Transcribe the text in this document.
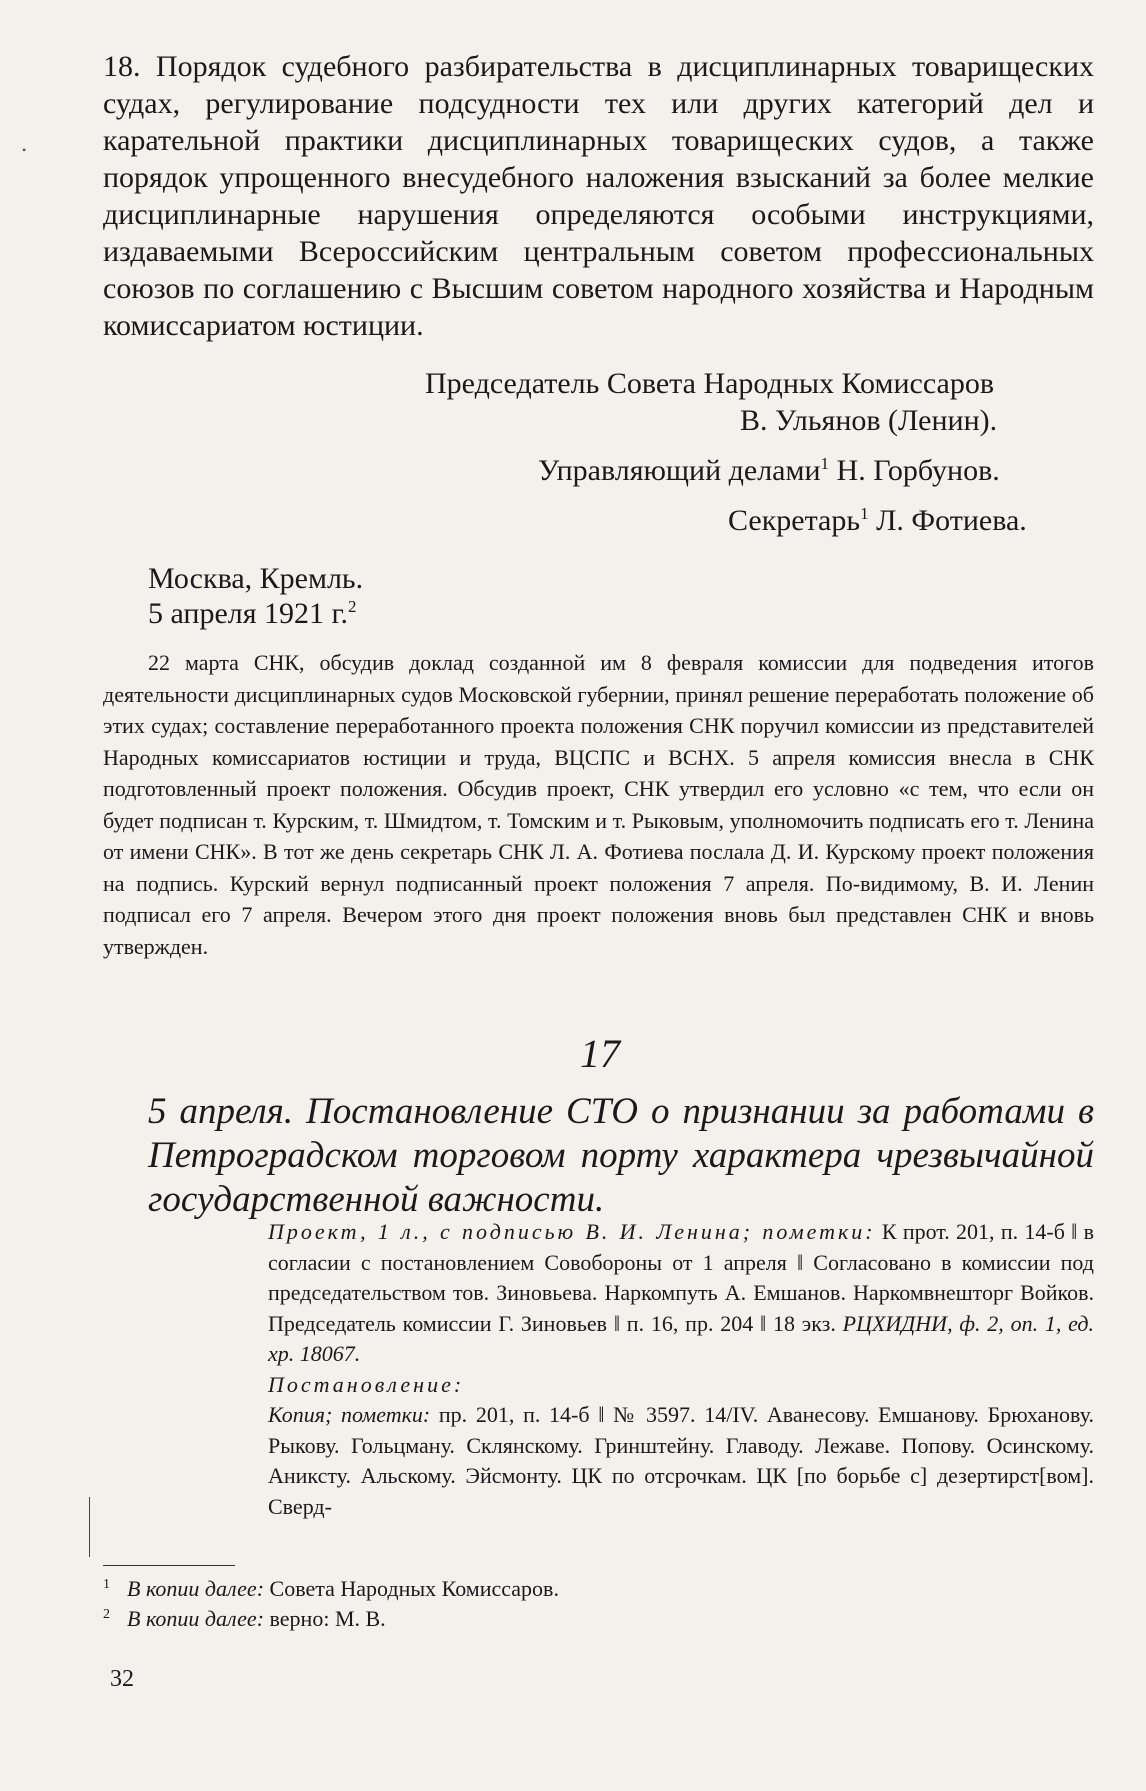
•

18. Порядок судебного разбирательства в дисциплинарных товарищеских судах, регулирование подсудности тех или других категорий дел и карательной практики дисциплинарных товарищеских судов, а также порядок упрощенного внесудебного наложения взысканий за более мелкие дисциплинарные нарушения определяются особыми инструкциями, издаваемыми Всероссийским центральным советом профессиональных союзов по соглашению с Высшим советом народного хозяйства и Народным комиссариатом юстиции.

Председатель Совета Народных Комиссаров
В. Ульянов (Ленин).
Управляющий делами$^1$ Н. Горбунов.
Секретарь$^1$ Л. Фотиева.
Москва, Кремль.
5 апреля 1921 г.$^2$

22 марта СНК, обсудив доклад созданной им 8 февраля комиссии для подведения итогов деятельности дисциплинарных судов Московской губернии, принял решение переработать положение об этих судах; составление переработанного проекта положения СНК поручил комиссии из представителей Народных комиссариатов юстиции и труда, ВЦСПС и ВСНХ. 5 апреля комиссия внесла в СНК подготовленный проект положения. Обсудив проект, СНК утвердил его условно «с тем, что если он будет подписан т. Курским, т. Шмидтом, т. Томским и т. Рыковым, уполномочить подписать его т. Ленина от имени СНК». В тот же день секретарь СНК Л. А. Фотиева послала Д. И. Курскому проект положения на подпись. Курский вернул подписанный проект положения 7 апреля. По-видимому, В. И. Ленин подписал его 7 апреля. Вечером этого дня проект положения вновь был представлен СНК и вновь утвержден.

17

5 апреля. Постановление СТО о признании за работами в Петроградском торговом порту характера чрезвычайной государственной важности.

Проект, 1 л., с подписью В. И. Ленина; пометки: К прот. 201, п. 14-б ‖ в согласии с постановлением Совобороны от 1 апреля ‖ Согласовано в комиссии под председательством тов. Зиновьева. Наркомпуть А. Емшанов. Наркомвнешторг Войков. Председатель комиссии Г. Зиновьев ‖ п. 16, пр. 204 ‖ 18 экз. РЦХИДНИ, ф. 2, оп. 1, ед. хр. 18067.
Постановление:
Копия; пометки: пр. 201, п. 14-б ‖ № 3597. 14/IV. Аванесову. Емшанову. Брюханову. Рыкову. Гольцману. Склянскому. Гринштейну. Главоду. Лежаве. Попову. Осинскому. Аниксту. Альскому. Эйсмонту. ЦК по отсрочкам. ЦК [по борьбе с] дезертирст[вом]. Сверд-

1 В копии далее: Совета Народных Комиссаров.
2 В копии далее: верно: М. В.
32
